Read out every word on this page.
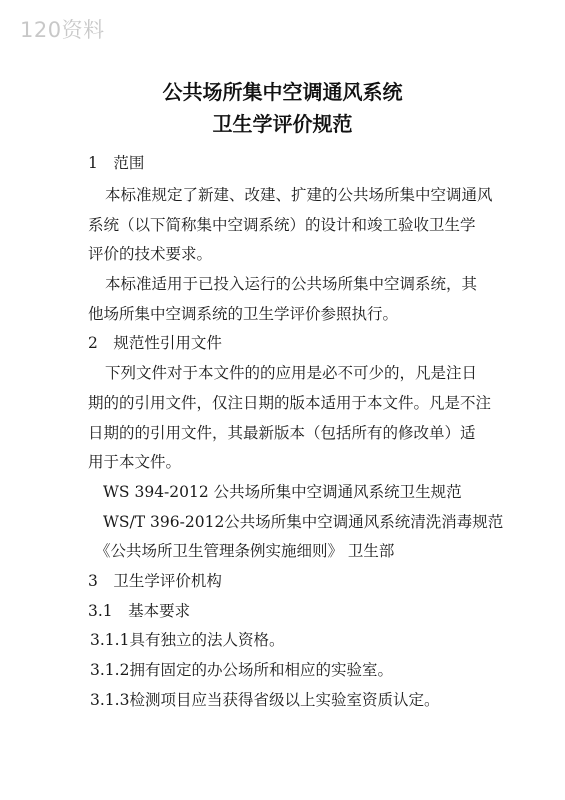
120资料
公共场所集中空调通风系统
卫生学评价规范
1　范围
本标准规定了新建、改建、扩建的公共场所集中空调通风
系统（以下简称集中空调系统）的设计和竣工验收卫生学
评价的技术要求。
本标准适用于已投入运行的公共场所集中空调系统，其
他场所集中空调系统的卫生学评价参照执行。
2　规范性引用文件
下列文件对于本文件的的应用是必不可少的，凡是注日
期的的引用文件，仅注日期的版本适用于本文件。凡是不注
日期的的引用文件，其最新版本（包括所有的修改单）适
用于本文件。
WS 394-2012 公共场所集中空调通风系统卫生规范
WS/T 396-2012公共场所集中空调通风系统清洗消毒规范
《公共场所卫生管理条例实施细则》 卫生部
3　卫生学评价机构
3.1　基本要求
3.1.1具有独立的法人资格。
3.1.2拥有固定的办公场所和相应的实验室。
3.1.3检测项目应当获得省级以上实验室资质认定。
